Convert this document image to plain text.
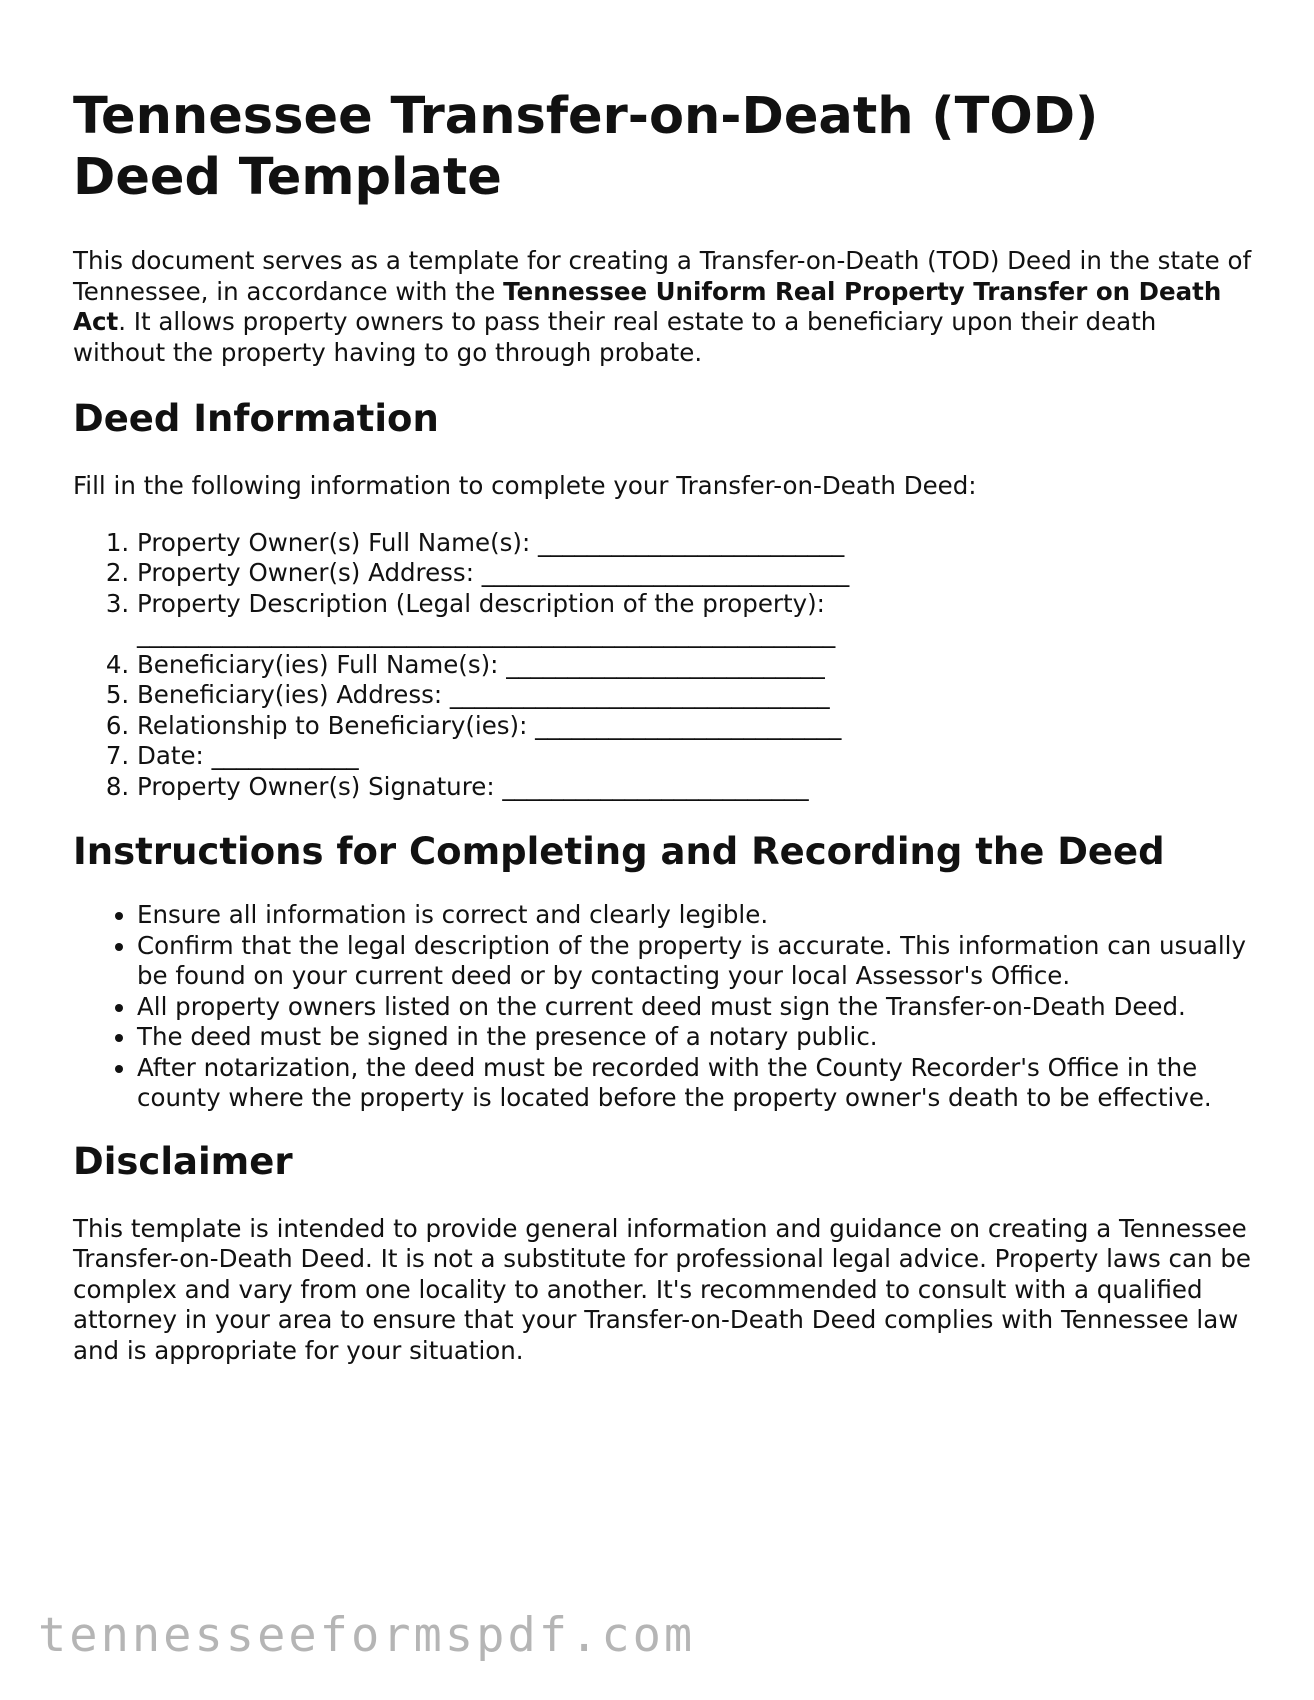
Tennessee Transfer-on-Death (TOD) Deed Template

This document serves as a template for creating a Transfer-on-Death (TOD) Deed in the state of Tennessee, in accordance with the Tennessee Uniform Real Property Transfer on Death Act. It allows property owners to pass their real estate to a beneficiary upon their death without the property having to go through probate.

Deed Information

Fill in the following information to complete your Transfer-on-Death Deed:

1. Property Owner(s) Full Name(s): _________________________
2. Property Owner(s) Address: ______________________________
3. Property Description (Legal description of the property): _________________________________________________________
4. Beneficiary(ies) Full Name(s): __________________________
5. Beneficiary(ies) Address: _______________________________
6. Relationship to Beneficiary(ies): _________________________
7. Date: ____________
8. Property Owner(s) Signature: _________________________
Instructions for Completing and Recording the Deed
• Ensure all information is correct and clearly legible.
• Confirm that the legal description of the property is accurate. This information can usually be found on your current deed or by contacting your local Assessor's Office.
• All property owners listed on the current deed must sign the Transfer-on-Death Deed.
• The deed must be signed in the presence of a notary public.
• After notarization, the deed must be recorded with the County Recorder's Office in the county where the property is located before the property owner's death to be effective.
Disclaimer

This template is intended to provide general information and guidance on creating a Tennessee Transfer-on-Death Deed. It is not a substitute for professional legal advice. Property laws can be complex and vary from one locality to another. It's recommended to consult with a qualified attorney in your area to ensure that your Transfer-on-Death Deed complies with Tennessee law and is appropriate for your situation.

tennesseeformspdf.com
